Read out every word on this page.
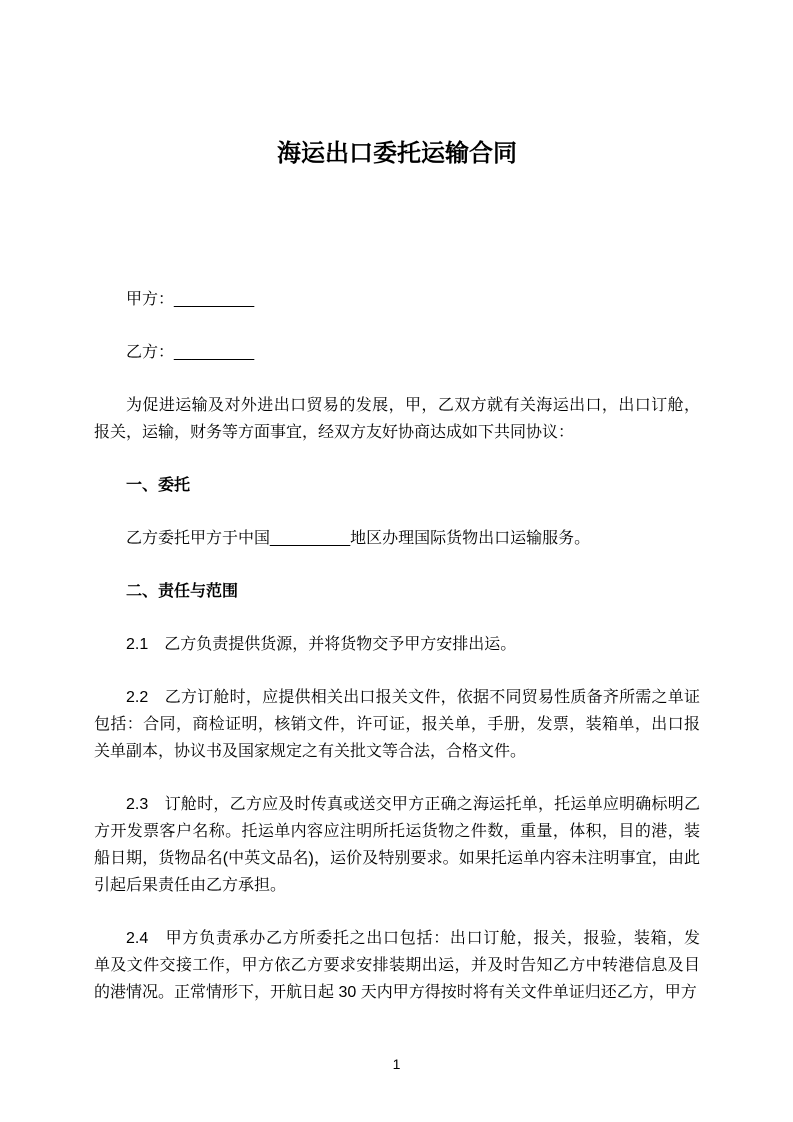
海运出口委托运输合同

甲方：_________

乙方：_________

为促进运输及对外进出口贸易的发展，甲，乙双方就有关海运出口，出口订舱，报关，运输，财务等方面事宜，经双方友好协商达成如下共同协议：

一、委托

乙方委托甲方于中国_________地区办理国际货物出口运输服务。

二、责任与范围

2.1　乙方负责提供货源，并将货物交予甲方安排出运。

2.2　乙方订舱时，应提供相关出口报关文件，依据不同贸易性质备齐所需之单证包括：合同，商检证明，核销文件，许可证，报关单，手册，发票，装箱单，出口报关单副本，协议书及国家规定之有关批文等合法，合格文件。

2.3　订舱时，乙方应及时传真或送交甲方正确之海运托单，托运单应明确标明乙方开发票客户名称。托运单内容应注明所托运货物之件数，重量，体积，目的港，装船日期，货物品名(中英文品名)，运价及特别要求。如果托运单内容未注明事宜，由此引起后果责任由乙方承担。

2.4　甲方负责承办乙方所委托之出口包括：出口订舱，报关，报验，装箱，发
单及文件交接工作，甲方依乙方要求安排装期出运，并及时告知乙方中转港信息及目
的港情况。正常情形下，开航日起 30 天内甲方得按时将有关文件单证归还乙方，甲方
1
